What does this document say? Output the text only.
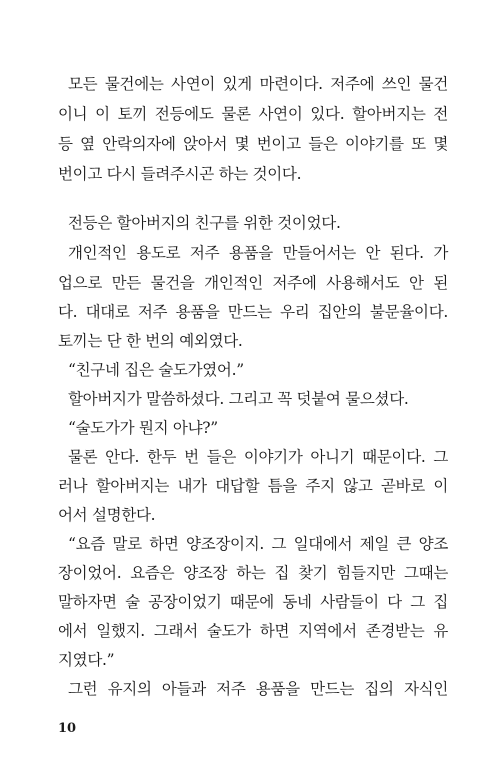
모든 물건에는 사연이 있게 마련이다. 저주에 쓰인 물건
이니 이 토끼 전등에도 물론 사연이 있다. 할아버지는 전
등 옆 안락의자에 앉아서 몇 번이고 들은 이야기를 또 몇
번이고 다시 들려주시곤 하는 것이다.
전등은 할아버지의 친구를 위한 것이었다.
개인적인 용도로 저주 용품을 만들어서는 안 된다. 가
업으로 만든 물건을 개인적인 저주에 사용해서도 안 된
다. 대대로 저주 용품을 만드는 우리 집안의 불문율이다.
토끼는 단 한 번의 예외였다.
“친구네 집은 술도가였어.”
할아버지가 말씀하셨다. 그리고 꼭 덧붙여 물으셨다.
“술도가가 뭔지 아냐?”
물론 안다. 한두 번 들은 이야기가 아니기 때문이다. 그
러나 할아버지는 내가 대답할 틈을 주지 않고 곧바로 이
어서 설명한다.
“요즘 말로 하면 양조장이지. 그 일대에서 제일 큰 양조
장이었어. 요즘은 양조장 하는 집 찾기 힘들지만 그때는
말하자면 술 공장이었기 때문에 동네 사람들이 다 그 집
에서 일했지. 그래서 술도가 하면 지역에서 존경받는 유
지였다.”
그런 유지의 아들과 저주 용품을 만드는 집의 자식인
10
